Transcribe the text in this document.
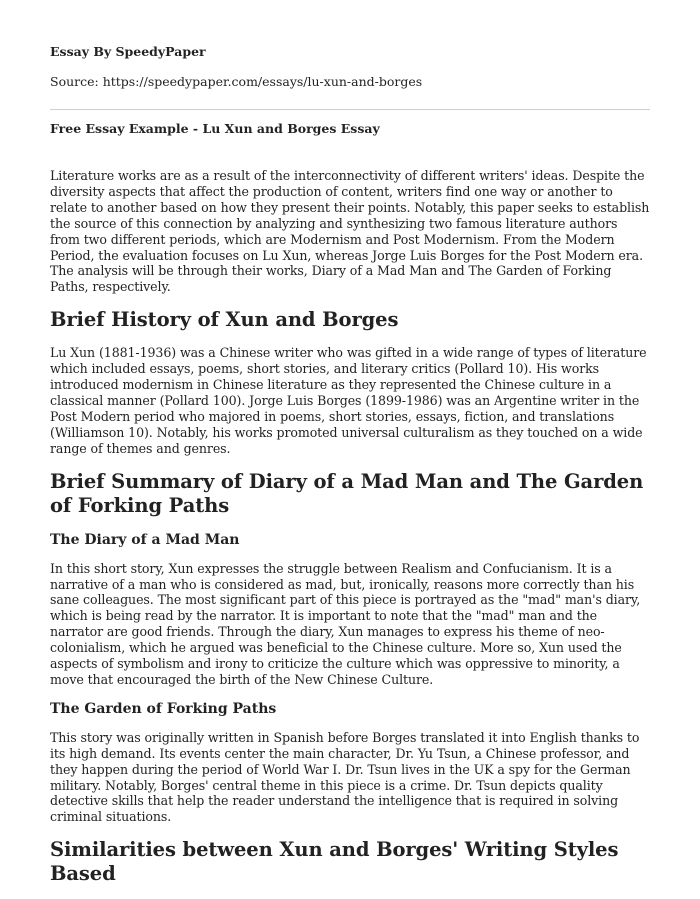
Essay By SpeedyPaper

Source: https://speedypaper.com/essays/lu-xun-and-borges

Free Essay Example - Lu Xun and Borges Essay

Literature works are as a result of the interconnectivity of different writers' ideas. Despite the diversity aspects that affect the production of content, writers find one way or another to relate to another based on how they present their points. Notably, this paper seeks to establish the source of this connection by analyzing and synthesizing two famous literature authors from two different periods, which are Modernism and Post Modernism. From the Modern Period, the evaluation focuses on Lu Xun, whereas Jorge Luis Borges for the Post Modern era. The analysis will be through their works, Diary of a Mad Man and The Garden of Forking Paths, respectively.

Brief History of Xun and Borges

Lu Xun (1881-1936) was a Chinese writer who was gifted in a wide range of types of literature which included essays, poems, short stories, and literary critics (Pollard 10). His works introduced modernism in Chinese literature as they represented the Chinese culture in a classical manner (Pollard 100). Jorge Luis Borges (1899-1986) was an Argentine writer in the Post Modern period who majored in poems, short stories, essays, fiction, and translations (Williamson 10). Notably, his works promoted universal culturalism as they touched on a wide range of themes and genres.

Brief Summary of Diary of a Mad Man and The Garden of Forking Paths
The Diary of a Mad Man

In this short story, Xun expresses the struggle between Realism and Confucianism. It is a narrative of a man who is considered as mad, but, ironically, reasons more correctly than his sane colleagues. The most significant part of this piece is portrayed as the "mad" man's diary, which is being read by the narrator. It is important to note that the "mad" man and the narrator are good friends. Through the diary, Xun manages to express his theme of neo-colonialism, which he argued was beneficial to the Chinese culture. More so, Xun used the aspects of symbolism and irony to criticize the culture which was oppressive to minority, a move that encouraged the birth of the New Chinese Culture.

The Garden of Forking Paths

This story was originally written in Spanish before Borges translated it into English thanks to its high demand. Its events center the main character, Dr. Yu Tsun, a Chinese professor, and they happen during the period of World War I. Dr. Tsun lives in the UK a spy for the German military. Notably, Borges' central theme in this piece is a crime. Dr. Tsun depicts quality detective skills that help the reader understand the intelligence that is required in solving criminal situations.

Similarities between Xun and Borges' Writing Styles Based
